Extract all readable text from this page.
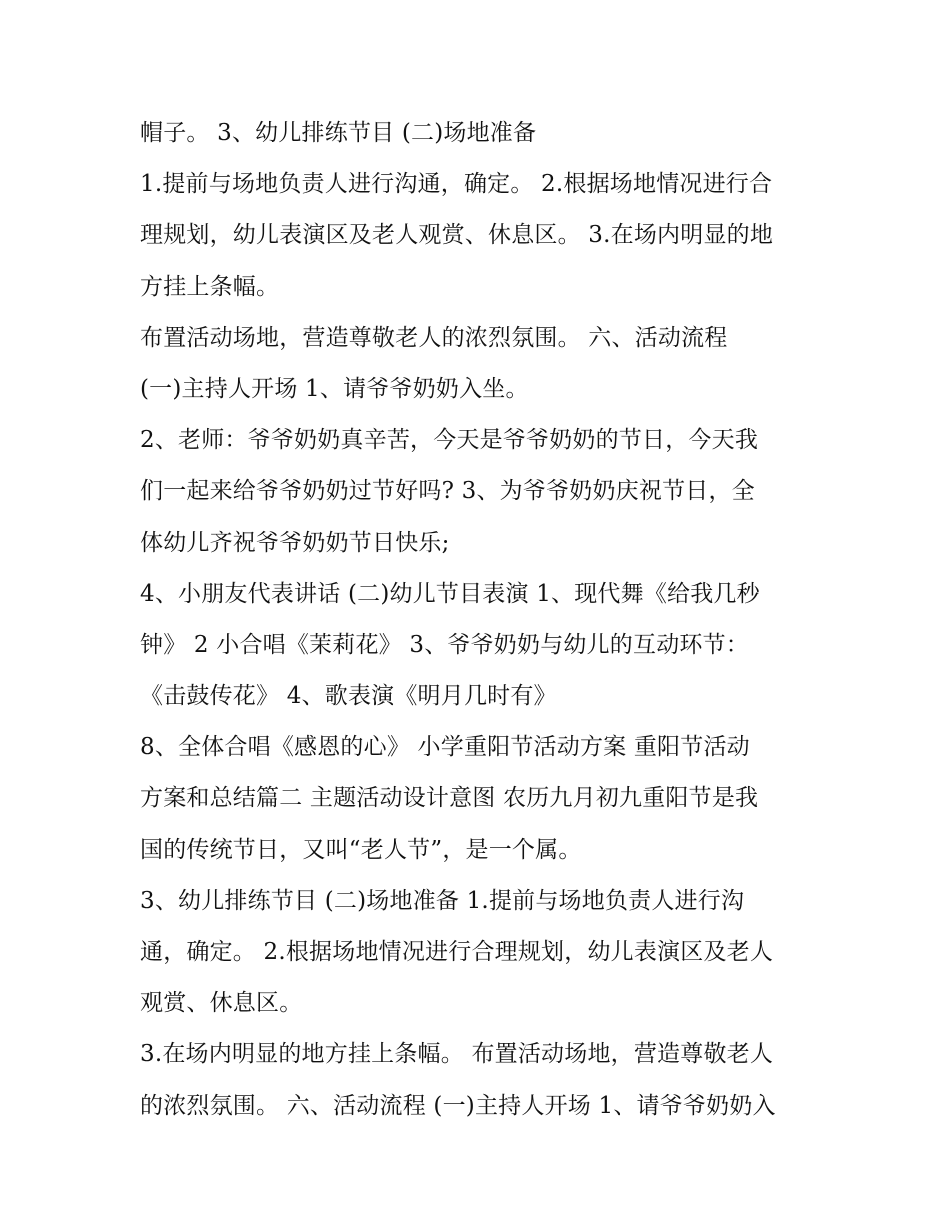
帽子。 3、幼儿排练节目 (二)场地准备
1.提前与场地负责人进行沟通，确定。 2.根据场地情况进行合
理规划，幼儿表演区及老人观赏、休息区。 3.在场内明显的地
方挂上条幅。
布置活动场地，营造尊敬老人的浓烈氛围。 六、活动流程
(一)主持人开场 1、请爷爷奶奶入坐。
2、老师：爷爷奶奶真辛苦，今天是爷爷奶奶的节日，今天我
们一起来给爷爷奶奶过节好吗? 3、为爷爷奶奶庆祝节日，全
体幼儿齐祝爷爷奶奶节日快乐;
4、小朋友代表讲话 (二)幼儿节目表演 1、现代舞《给我几秒
钟》 2 小合唱《茉莉花》 3、爷爷奶奶与幼儿的互动环节：
《击鼓传花》 4、歌表演《明月几时有》
8、全体合唱《感恩的心》 小学重阳节活动方案 重阳节活动
方案和总结篇二 主题活动设计意图 农历九月初九重阳节是我
国的传统节日，又叫“老人节”，是一个属。
3、幼儿排练节目 (二)场地准备 1.提前与场地负责人进行沟
通，确定。 2.根据场地情况进行合理规划，幼儿表演区及老人
观赏、休息区。
3.在场内明显的地方挂上条幅。 布置活动场地，营造尊敬老人
的浓烈氛围。 六、活动流程 (一)主持人开场 1、请爷爷奶奶入
